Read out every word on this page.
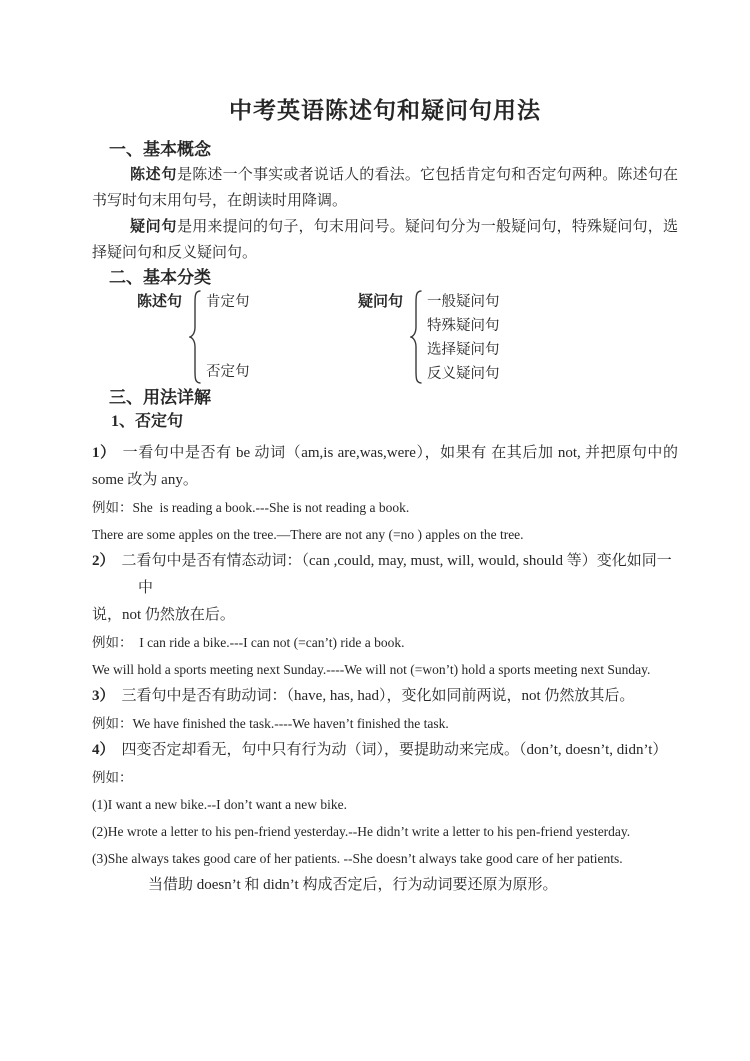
中考英语陈述句和疑问句用法
一、基本概念

陈述句是陈述一个事实或者说话人的看法。它包括肯定句和否定句两种。陈述句在书写时句末用句号，在朗读时用降调。

疑问句是用来提问的句子，句末用问号。疑问句分为一般疑问句，特殊疑问句，选择疑问句和反义疑问句。

二、基本分类
陈述句 肯定句
否定句
疑问句 一般疑问句
特殊疑问句
选择疑问句
反义疑问句
三、用法详解
1、否定句
1） 一看句中是否有 be 动词（am,is are,was,were），如果有 在其后加 not, 并把原句中的 some 改为 any。
例如：She  is reading a book.---She is not reading a book.
There are some apples on the tree.—There are not any (=no ) apples on the tree.
2） 二看句中是否有情态动词：（can ,could, may, must, will, would, should 等）变化如同一
中
说，not 仍然放在后。
例如：  I can ride a bike.---I can not (=can’t) ride a book.
We will hold a sports meeting next Sunday.----We will not (=won’t) hold a sports meeting next Sunday.
3） 三看句中是否有助动词：（have, has, had），变化如同前两说，not 仍然放其后。
例如：We have finished the task.----We haven’t finished the task.
4） 四变否定却看无，句中只有行为动（词），要提助动来完成。（don’t, doesn’t, didn’t）
例如：
(1)I want a new bike.--I don’t want a new bike.
(2)He wrote a letter to his pen-friend yesterday.--He didn’t write a letter to his pen-friend yesterday.
(3)She always takes good care of her patients. --She doesn’t always take good care of her patients.
当借助 doesn’t 和 didn’t 构成否定后，行为动词要还原为原形。
